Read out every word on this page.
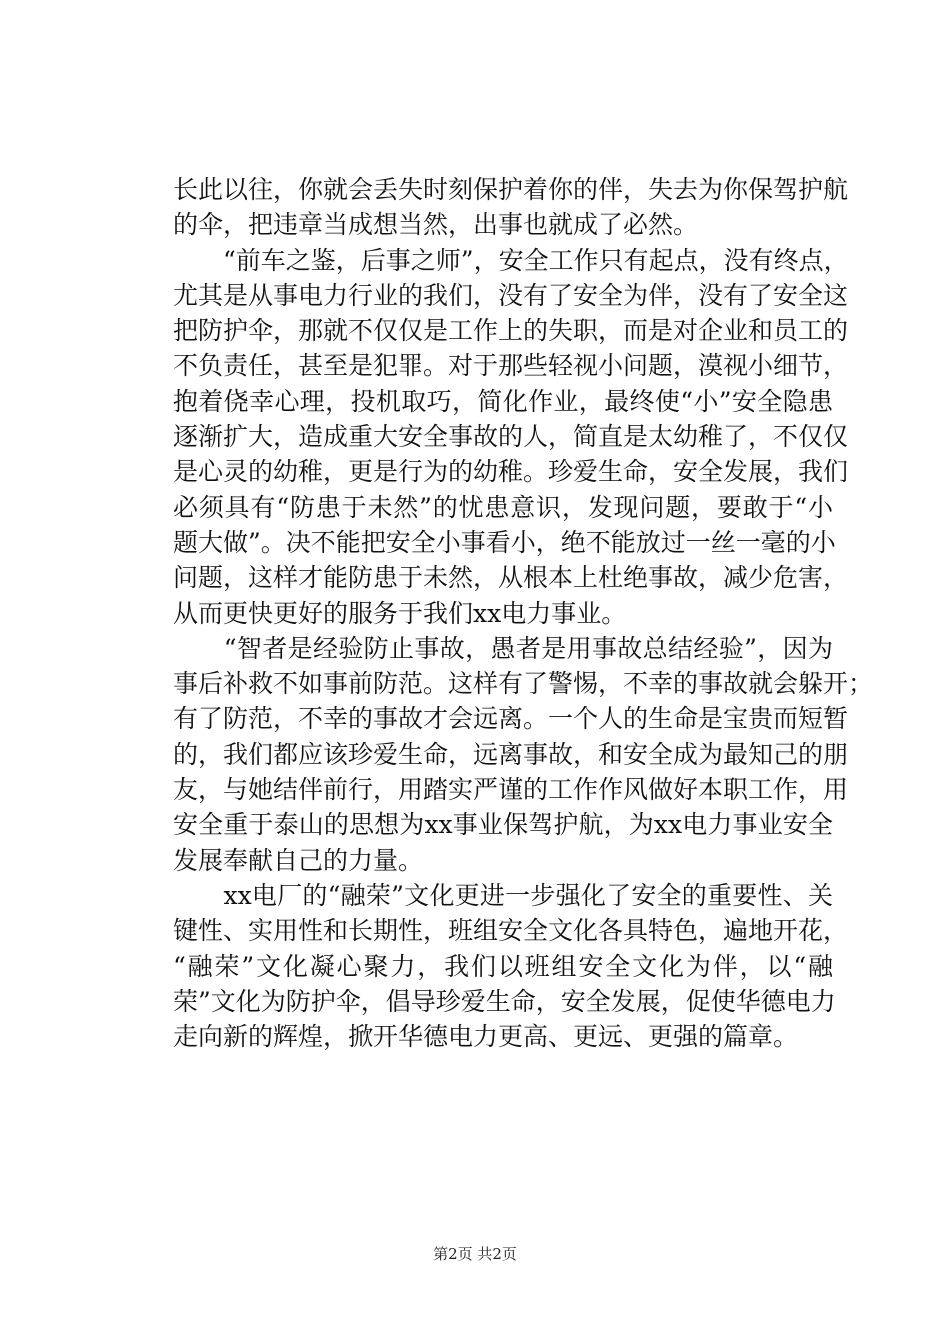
长此以往，你就会丢失时刻保护着你的伴，失去为你保驾护航
的伞，把违章当成想当然，出事也就成了必然。
　　“前车之鉴，后事之师”，安全工作只有起点，没有终点，
尤其是从事电力行业的我们，没有了安全为伴，没有了安全这
把防护伞，那就不仅仅是工作上的失职，而是对企业和员工的
不负责任，甚至是犯罪。对于那些轻视小问题，漠视小细节，
抱着侥幸心理，投机取巧，简化作业，最终使“小”安全隐患
逐渐扩大，造成重大安全事故的人，简直是太幼稚了，不仅仅
是心灵的幼稚，更是行为的幼稚。珍爱生命，安全发展，我们
必须具有“防患于未然”的忧患意识，发现问题，要敢于“小
题大做”。决不能把安全小事看小，绝不能放过一丝一毫的小
问题，这样才能防患于未然，从根本上杜绝事故，减少危害，
从而更快更好的服务于我们xx电力事业。
　　“智者是经验防止事故，愚者是用事故总结经验”，因为
事后补救不如事前防范。这样有了警惕，不幸的事故就会躲开；
有了防范，不幸的事故才会远离。一个人的生命是宝贵而短暂
的，我们都应该珍爱生命，远离事故，和安全成为最知己的朋
友，与她结伴前行，用踏实严谨的工作作风做好本职工作，用
安全重于泰山的思想为xx事业保驾护航，为xx电力事业安全
发展奉献自己的力量。
　　xx电厂的“融荣”文化更进一步强化了安全的重要性、关
键性、实用性和长期性，班组安全文化各具特色，遍地开花，
“融荣”文化凝心聚力，我们以班组安全文化为伴，以“融
荣”文化为防护伞，倡导珍爱生命，安全发展，促使华德电力
走向新的辉煌，掀开华德电力更高、更远、更强的篇章。
第2页 共2页
